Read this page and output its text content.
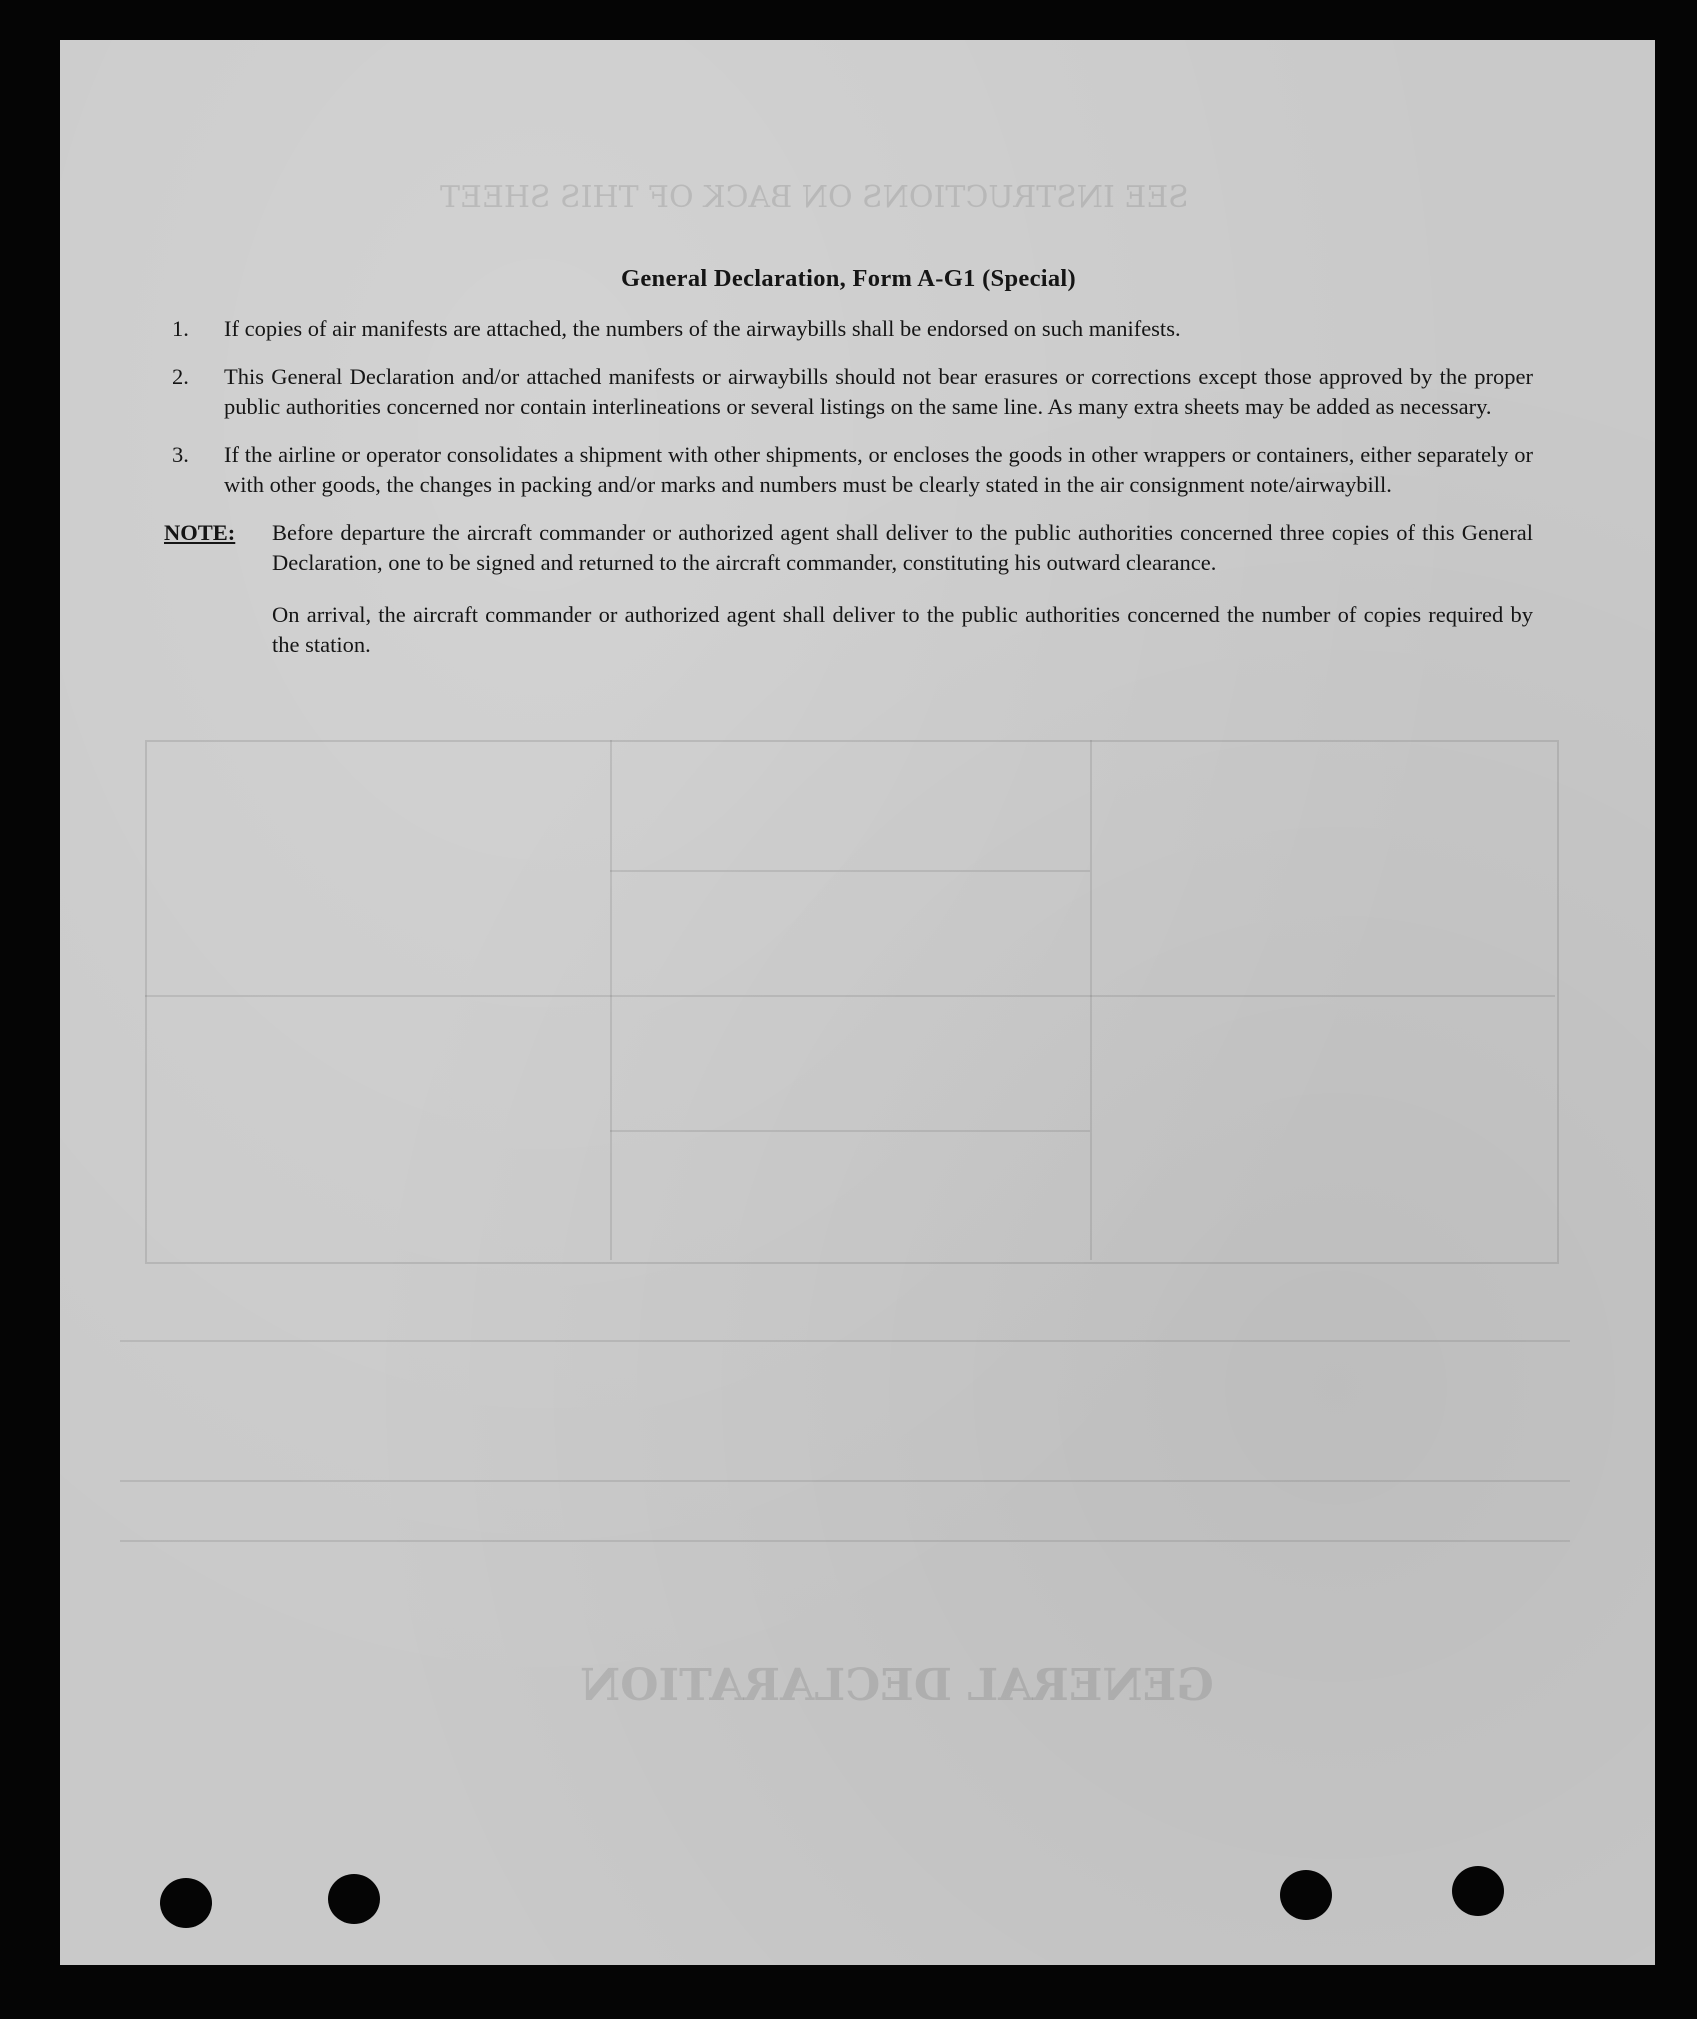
GENERAL DECLARATION
SEE INSTRUCTIONS ON BACK OF THIS SHEET
General Declaration, Form A-G1 (Special)
1.	If copies of air manifests are attached, the numbers of the airwaybills shall be endorsed on such manifests.
2.	This General Declaration and/or attached manifests or airwaybills should not bear erasures or corrections except those approved by the proper public authorities concerned nor contain interlineations or several listings on the same line. As many extra sheets may be added as necessary.
3.	If the airline or operator consolidates a shipment with other shipments, or encloses the goods in other wrappers or containers, either separately or with other goods, the changes in packing and/or marks and numbers must be clearly stated in the air consignment note/airwaybill.
NOTE:	Before departure the aircraft commander or authorized agent shall deliver to the public authorities concerned three copies of this General Declaration, one to be signed and returned to the aircraft commander, constituting his outward clearance.

On arrival, the aircraft commander or authorized agent shall deliver to the public authorities concerned the number of copies required by the station.
